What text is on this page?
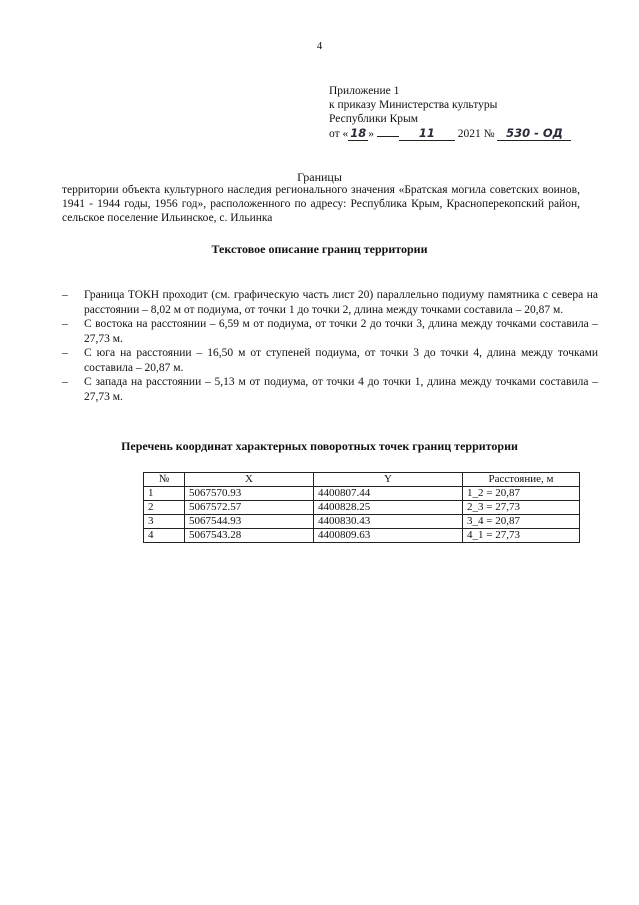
4
Приложение 1
к приказу Министерства культуры
Республики Крым
от « 18 »	11 2021 № 530 - ОД
Границы
территории объекта культурного наследия регионального значения «Братская могила советских воинов, 1941 - 1944 годы, 1956 год», расположенного по адресу: Республика Крым, Красноперекопский район, сельское поселение Ильинское, с. Ильинка
Текстовое описание границ территории
– Граница ТОКН проходит (см. графическую часть лист 20) параллельно подиуму памятника с севера на расстоянии – 8,02 м от подиума, от точки 1 до точки 2, длина между точками составила – 20,87 м.
– С востока на расстоянии – 6,59 м от подиума, от точки 2 до точки 3, длина между точками составила – 27,73 м.
– С юга на расстоянии – 16,50 м от ступеней подиума, от точки 3 до точки 4, длина между точками составила – 20,87 м.
– С запада на расстоянии – 5,13 м от подиума, от точки 4 до точки 1, длина между точками составила – 27,73 м.
Перечень координат характерных поворотных точек границ территории
№	X	Y	Расстояние, м
1	5067570.93	4400807.44	1_2 = 20,87
2	5067572.57	4400828.25	2_3 = 27,73
3	5067544.93	4400830.43	3_4 = 20,87
4	5067543.28	4400809.63	4_1 = 27,73
